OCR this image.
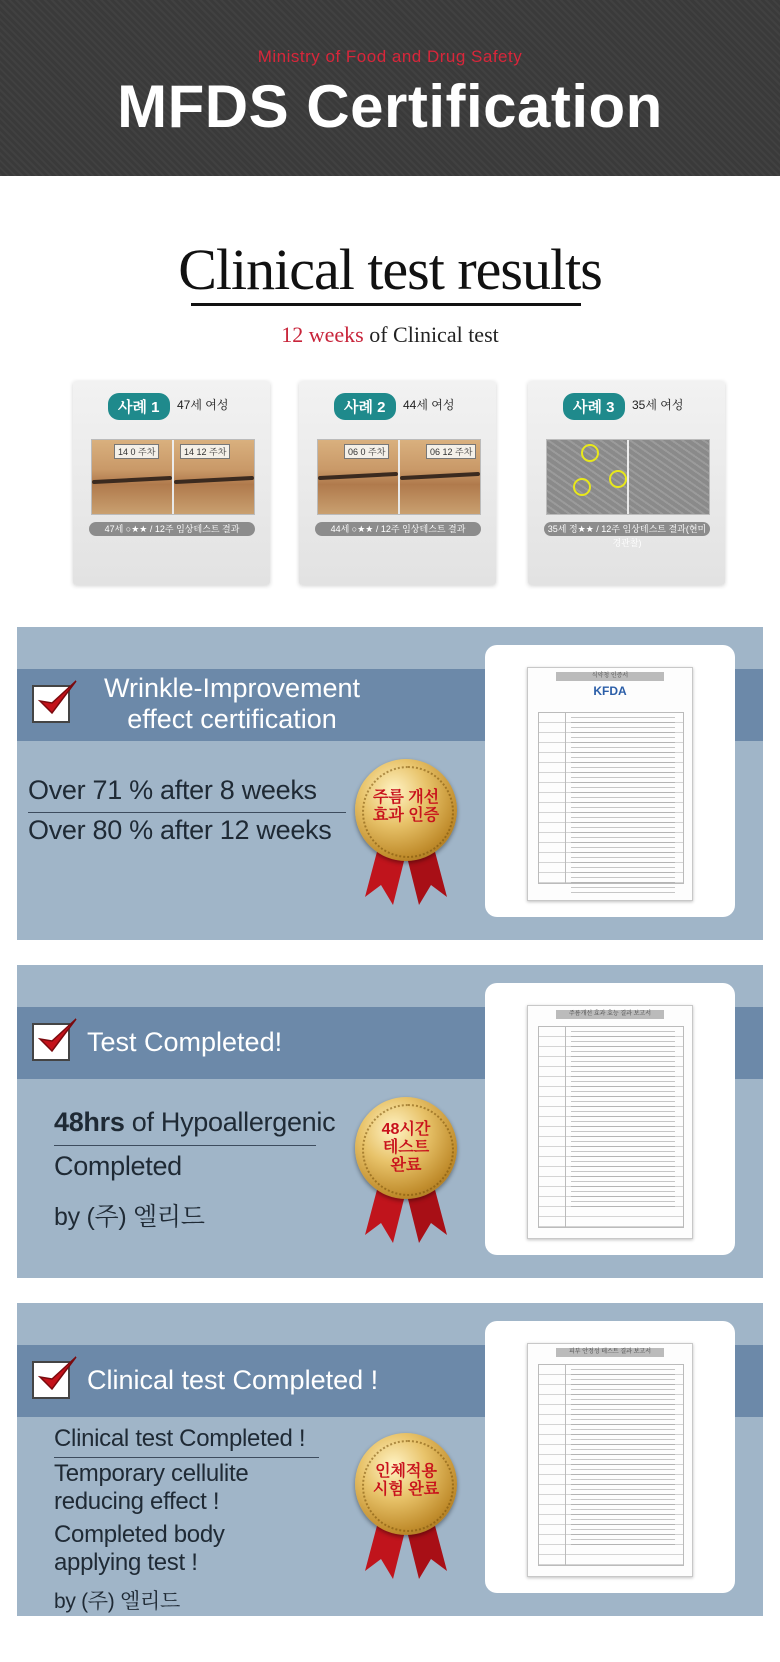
Ministry of Food and Drug Safety
MFDS Certification
Clinical test results
12 weeks of Clinical test
사례 1	47세 여성
14 0 주차	14 12 주차
47세 ○★★ / 12주 임상테스트 결과
사례 2	44세 여성
06 0 주차	06 12 주차
44세 ○★★ / 12주 임상테스트 결과
사례 3	35세 여성
35세 정★★ / 12주 임상테스트 결과(현미경관찰)
Wrinkle-Improvement
effect certification
Over 71 % after 8 weeks
Over 80 % after 12 weeks
주름 개선
효과 인증
식약청 인증서
KFDA
Test Completed!
48hrs of Hypoallergenic
Completed
by (주) 엘리드
48시간
테스트
완료
주름개선 효과 효능 결과 보고서
Clinical test Completed !
Clinical test Completed !
Temporary cellulite
reducing effect !
Completed body
applying test !
by (주) 엘리드
인체적용
시험 완료
피부 안정성 테스트 결과 보고서
